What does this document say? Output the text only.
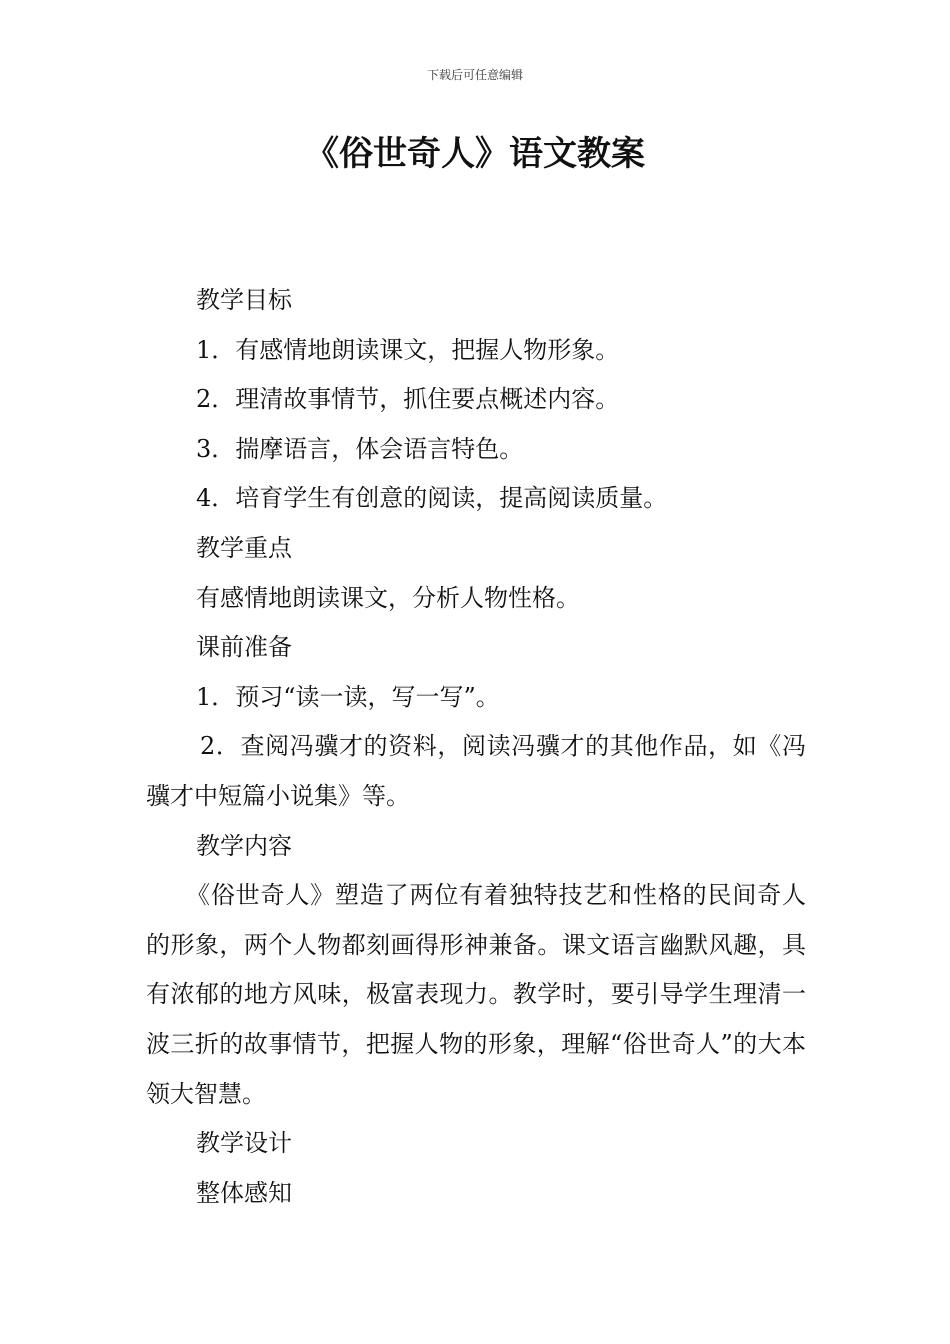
下载后可任意编辑
《俗世奇人》语文教案
教学目标
1．有感情地朗读课文，把握人物形象。
2．理清故事情节，抓住要点概述内容。
3．揣摩语言，体会语言特色。
4．培育学生有创意的阅读，提高阅读质量。
教学重点
有感情地朗读课文，分析人物性格。
课前准备
1．预习“读一读，写一写”。

2．查阅冯骥才的资料，阅读冯骥才的其他作品，如《冯骥才中短篇小说集》等。

教学内容

《俗世奇人》塑造了两位有着独特技艺和性格的民间奇人的形象，两个人物都刻画得形神兼备。课文语言幽默风趣，具有浓郁的地方风味，极富表现力。教学时，要引导学生理清一波三折的故事情节，把握人物的形象，理解“俗世奇人”的大本领大智慧。

教学设计
整体感知
